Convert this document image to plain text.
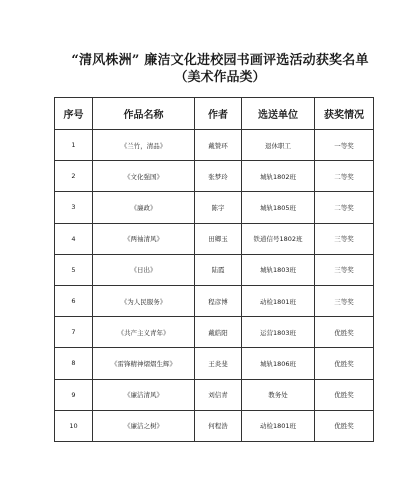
“清风株洲” 廉洁文化进校园书画评选活动获奖名单
（美术作品类）
序号	作品名称	作者	选送单位	获奖情况
1	《兰竹，清品》	戴赞环	退休职工	一等奖
2	《文化强国》	张梦玲	城轨1802班	二等奖
3	《廉政》	陈宇	城轨1805班	二等奖
4	《两袖清风》	田卿玉	铁道信号1802班	三等奖
5	《日出》	陆霞	城轨1803班	三等奖
6	《为人民服务》	程彦博	动检1801班	三等奖
7	《共产主义青年》	戴皓阳	运营1803班	优胜奖
8	《雷锋精神熠熠生辉》	王炎斐	城轨1806班	优胜奖
9	《廉洁清风》	刘信青	教务处	优胜奖
10	《廉洁之树》	何程浩	动检1801班	优胜奖
